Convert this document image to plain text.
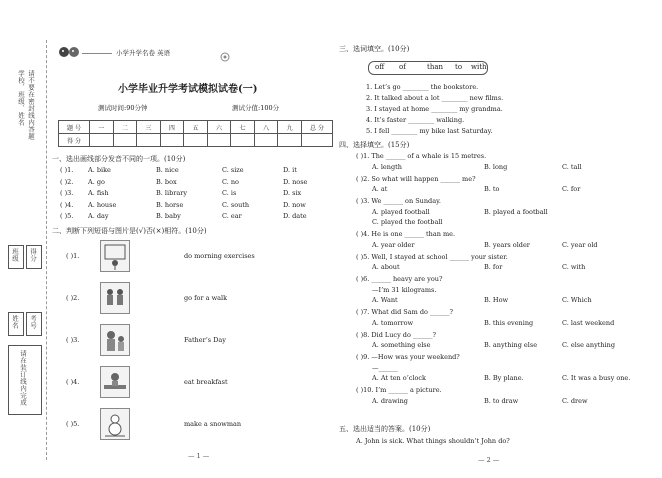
请不要在密封线内答题
学校、班级、姓名
班级 得分
姓名 考号
请在装订线内完成
小学升学名卷 英语
小学毕业升学考试模拟试卷(一)
测试时间:90分钟	测试分值:100分
题 号	一	二	三	四	五	六	七	八	九	总 分
得 分										
一、选出画线部分发音不同的一项。(10分)
( )1. A. bike	B. nice	C. size	D. it
( )2. A. go	B. box	C. no	D. nose
( )3. A. fish	B. library	C. is	D. six
( )4. A. house	B. horse	C. south	D. now
( )5. A. day	B. baby	C. ear	D. date
二、判断下列短语与图片是(√)否(×)相符。(10分)
( )1.	do morning exercises
( )2.	go for a walk
( )3.	Father’s Day
( )4.	eat breakfast
( )5.	make a snowman
— 1 —
三、选词填空。(10分)
off of	than to with
1. Let’s go ________ the bookstore.
2. It talked about a lot ________ new films.
3. I stayed at home ________ my grandma.
4. It’s faster ________ walking.
5. I fell ________ my bike last Saturday.
四、选择填空。(15分)
( )1. The ______ of a whale is 15 metres.
A. length	B. long	C. tall
( )2. So what will happen ______ me?
A. at	B. to	C. for
( )3. We ______ on Sunday.
A. played football	B. played a football
C. played the football
( )4. He is one ______ than me.
A. year older	B. years older	C. year old
( )5. Well, I stayed at school ______ your sister.
A. about	B. for	C. with
( )6. ______ heavy are you?
—I’m 31 kilograms.
A. Want	B. How	C. Which
( )7. What did Sam do ______?
A. tomorrow	B. this evening	C. last weekend
( )8. Did Lucy do ______?
A. something else	B. anything else	C. else anything
( )9. —How was your weekend?
—______
A. At ten o’clock	B. By plane.	C. It was a busy one.
( )10. I’m ______ a picture.
A. drawing	B. to draw	C. drew
五、选出适当的答案。(10分)
A. John is sick. What things shouldn’t John do?
— 2 —
